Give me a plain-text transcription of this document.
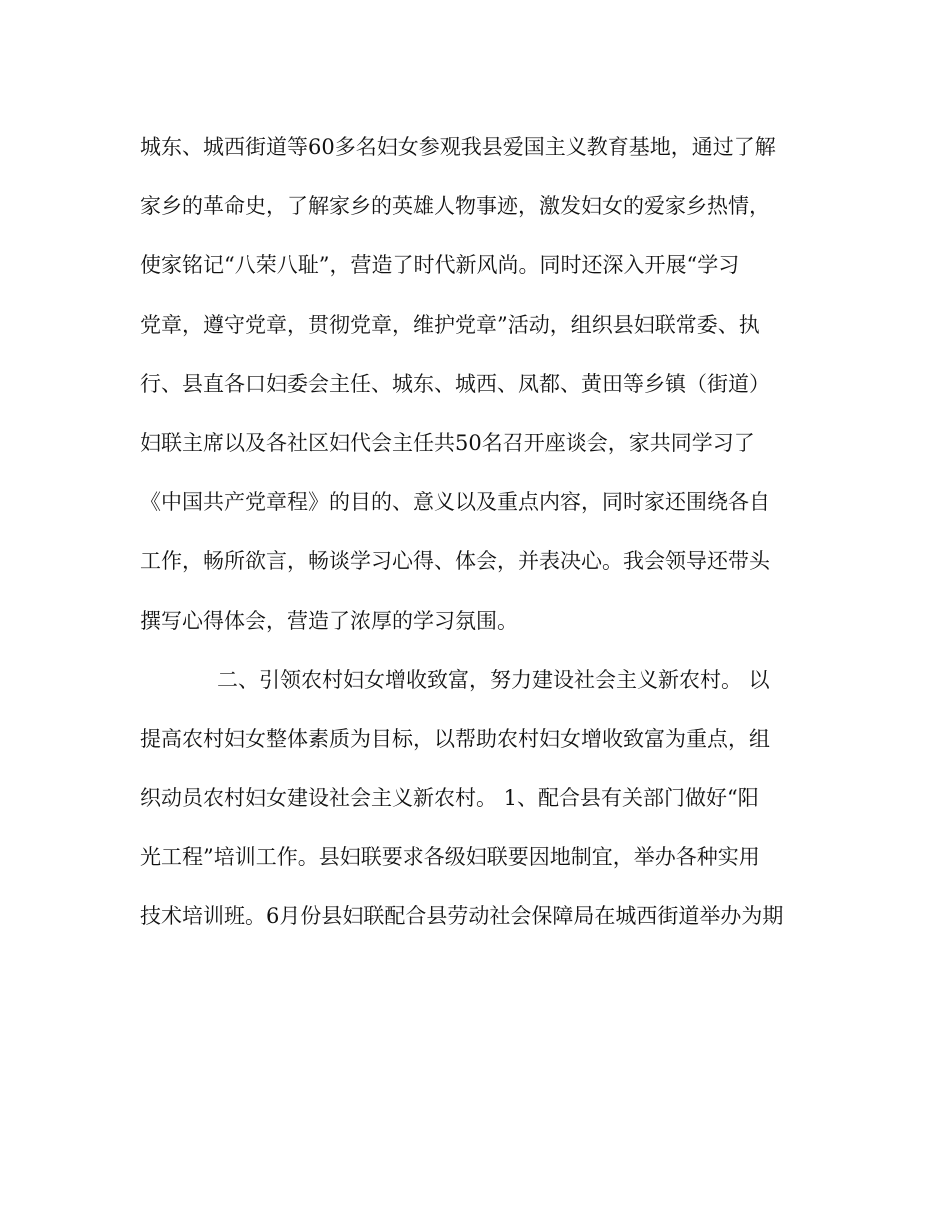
城东、城西街道等60多名妇女参观我县爱国主义教育基地，通过了解
家乡的革命史，了解家乡的英雄人物事迹，激发妇女的爱家乡热情，
使家铭记“八荣八耻”，营造了时代新风尚。同时还深入开展“学习
党章，遵守党章，贯彻党章，维护党章”活动，组织县妇联常委、执
行、县直各口妇委会主任、城东、城西、凤都、黄田等乡镇（街道）
妇联主席以及各社区妇代会主任共50名召开座谈会，家共同学习了
《中国共产党章程》的目的、意义以及重点内容，同时家还围绕各自
工作，畅所欲言，畅谈学习心得、体会，并表决心。我会领导还带头
撰写心得体会，营造了浓厚的学习氛围。
二、引领农村妇女增收致富，努力建设社会主义新农村。 以
提高农村妇女整体素质为目标，以帮助农村妇女增收致富为重点，组
织动员农村妇女建设社会主义新农村。 1、配合县有关部门做好“阳
光工程”培训工作。县妇联要求各级妇联要因地制宜，举办各种实用
技术培训班。6月份县妇联配合县劳动社会保障局在城西街道举办为期
